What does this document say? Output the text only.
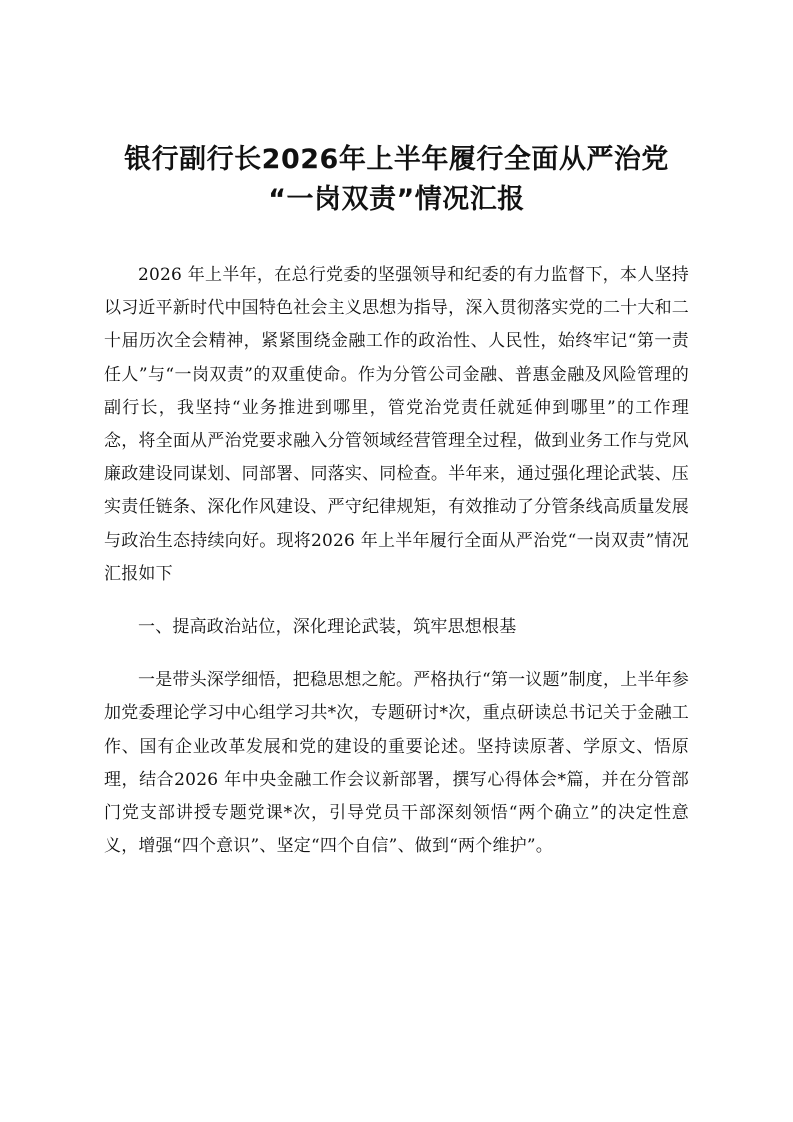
银行副行长2026年上半年履行全面从严治党
“一岗双责”情况汇报

2026 年上半年，在总行党委的坚强领导和纪委的有力监督下，本人坚持以习近平新时代中国特色社会主义思想为指导，深入贯彻落实党的二十大和二十届历次全会精神，紧紧围绕金融工作的政治性、人民性，始终牢记“第一责任人”与“一岗双责”的双重使命。作为分管公司金融、普惠金融及风险管理的副行长，我坚持“业务推进到哪里，管党治党责任就延伸到哪里”的工作理念，将全面从严治党要求融入分管领域经营管理全过程，做到业务工作与党风廉政建设同谋划、同部署、同落实、同检查。半年来，通过强化理论武装、压实责任链条、深化作风建设、严守纪律规矩，有效推动了分管条线高质量发展与政治生态持续向好。现将2026 年上半年履行全面从严治党“一岗双责”情况汇报如下

一、提高政治站位，深化理论武装，筑牢思想根基

一是带头深学细悟，把稳思想之舵。严格执行“第一议题”制度，上半年参加党委理论学习中心组学习共*次，专题研讨*次，重点研读总书记关于金融工作、国有企业改革发展和党的建设的重要论述。坚持读原著、学原文、悟原理，结合2026 年中央金融工作会议新部署，撰写心得体会*篇，并在分管部门党支部讲授专题党课*次，引导党员干部深刻领悟“两个确立”的决定性意义，增强“四个意识”、坚定“四个自信”、做到“两个维护”。
